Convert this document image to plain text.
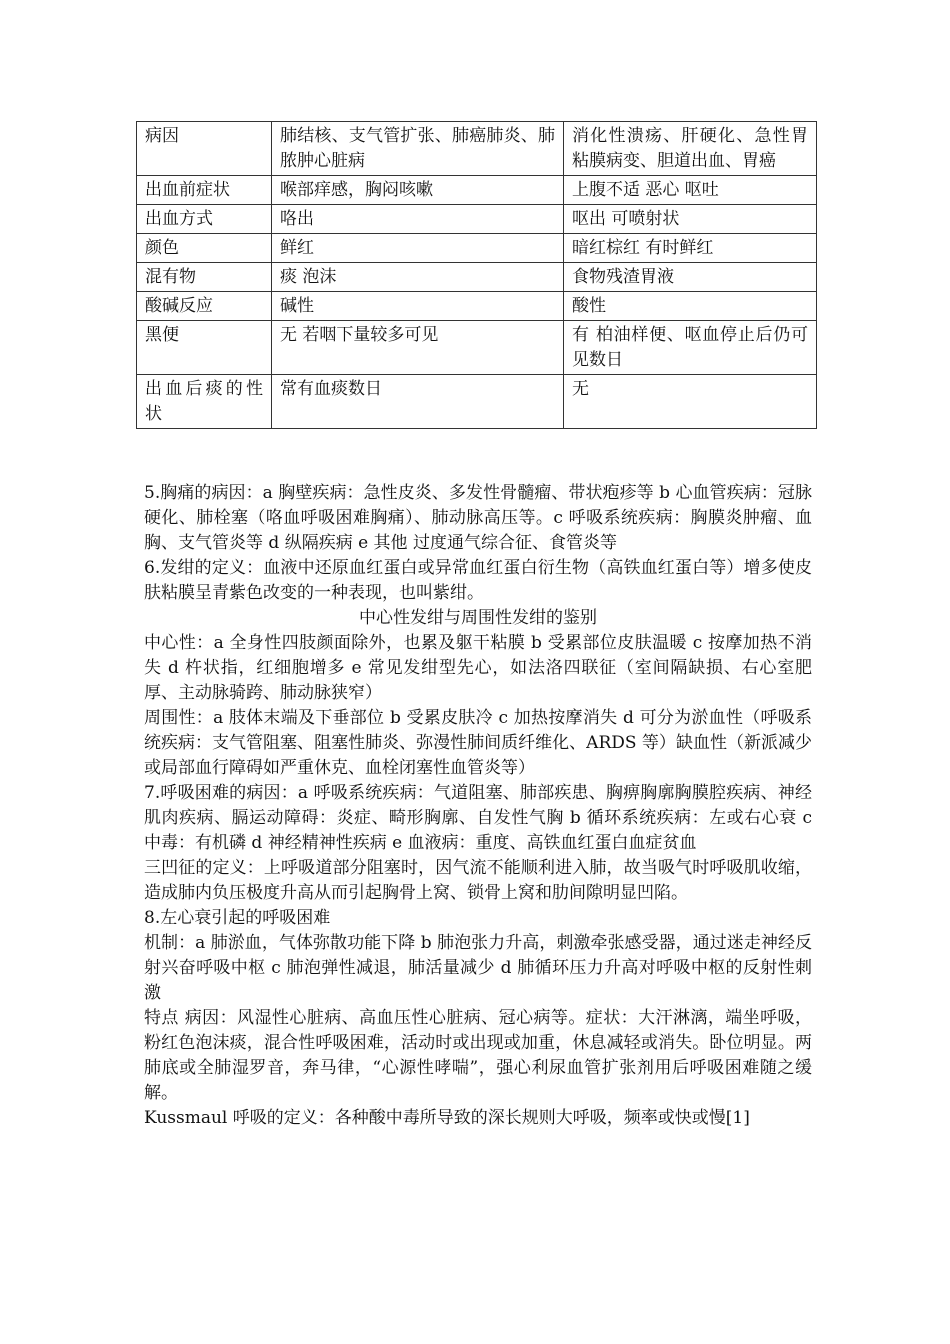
病因	肺结核、支气管扩张、肺癌肺炎、肺脓肿心脏病	消化性溃疡、肝硬化、急性胃粘膜病变、胆道出血、胃癌
出血前症状	喉部痒感，胸闷咳嗽	上腹不适 恶心 呕吐
出血方式	咯出	呕出 可喷射状
颜色	鲜红	暗红棕红 有时鲜红
混有物	痰 泡沫	食物残渣胃液
酸碱反应	碱性	酸性
黑便	无 若咽下量较多可见	有 柏油样便、呕血停止后仍可见数日
出血后痰的性状	常有血痰数日	无

5.胸痛的病因：a 胸壁疾病：急性皮炎、多发性骨髓瘤、带状疱疹等 b 心血管疾病：冠脉硬化、肺栓塞（咯血呼吸困难胸痛）、肺动脉高压等。c 呼吸系统疾病：胸膜炎肿瘤、血胸、支气管炎等 d 纵隔疾病 e 其他 过度通气综合征、食管炎等

6.发绀的定义：血液中还原血红蛋白或异常血红蛋白衍生物（高铁血红蛋白等）增多使皮肤粘膜呈青紫色改变的一种表现，也叫紫绀。

中心性发绀与周围性发绀的鉴别

中心性：a 全身性四肢颜面除外，也累及躯干粘膜 b 受累部位皮肤温暖 c 按摩加热不消失 d 杵状指，红细胞增多 e 常见发绀型先心，如法洛四联征（室间隔缺损、右心室肥厚、主动脉骑跨、肺动脉狭窄）

周围性：a 肢体末端及下垂部位 b 受累皮肤冷 c 加热按摩消失 d 可分为淤血性（呼吸系统疾病：支气管阻塞、阻塞性肺炎、弥漫性肺间质纤维化、ARDS 等）缺血性（新派减少或局部血行障碍如严重休克、血栓闭塞性血管炎等）

7.呼吸困难的病因：a 呼吸系统疾病：气道阻塞、肺部疾患、胸痹胸廓胸膜腔疾病、神经肌肉疾病、膈运动障碍：炎症、畸形胸廓、自发性气胸 b 循环系统疾病：左或右心衰 c 中毒：有机磷 d 神经精神性疾病 e 血液病：重度、高铁血红蛋白血症贫血

三凹征的定义：上呼吸道部分阻塞时，因气流不能顺利进入肺，故当吸气时呼吸肌收缩，造成肺内负压极度升高从而引起胸骨上窝、锁骨上窝和肋间隙明显凹陷。

8.左心衰引起的呼吸困难

机制：a 肺淤血，气体弥散功能下降 b 肺泡张力升高，刺激牵张感受器，通过迷走神经反射兴奋呼吸中枢 c 肺泡弹性减退，肺活量减少 d 肺循环压力升高对呼吸中枢的反射性刺激

特点 病因：风湿性心脏病、高血压性心脏病、冠心病等。症状：大汗淋漓，端坐呼吸，粉红色泡沫痰，混合性呼吸困难，活动时或出现或加重，休息减轻或消失。卧位明显。两肺底或全肺湿罗音，奔马律，“心源性哮喘”，强心利尿血管扩张剂用后呼吸困难随之缓解。

Kussmaul 呼吸的定义：各种酸中毒所导致的深长规则大呼吸，频率或快或慢[1]
